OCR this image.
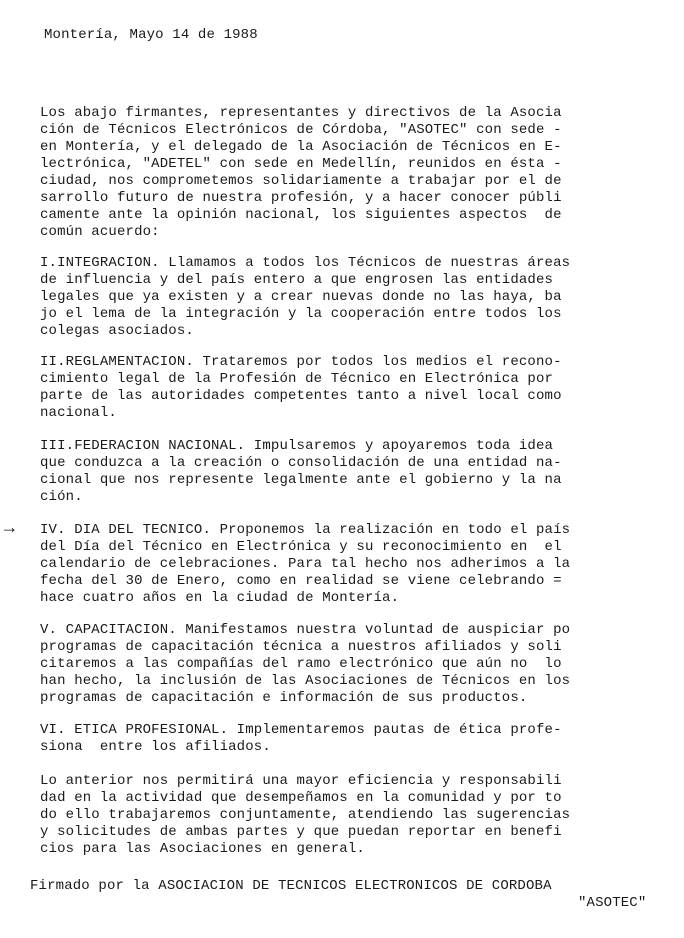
Montería, Mayo 14 de 1988

Los abajo firmantes, representantes y directivos de la Asocia

ción de Técnicos Electrónicos de Córdoba, "ASOTEC" con sede -

en Montería, y el delegado de la Asociación de Técnicos en E-

lectrónica, "ADETEL" con sede en Medellín, reunidos en ésta -

ciudad, nos comprometemos solidariamente a trabajar por el de

sarrollo futuro de nuestra profesión, y a hacer conocer públi

camente ante la opinión nacional, los siguientes aspectos  de

común acuerdo:

I.INTEGRACION. Llamamos a todos los Técnicos de nuestras áreas

de influencia y del país entero a que engrosen las entidades

legales que ya existen y a crear nuevas donde no las haya, ba

jo el lema de la integración y la cooperación entre todos los

colegas asociados.

II.REGLAMENTACION. Trataremos por todos los medios el recono-

cimiento legal de la Profesión de Técnico en Electrónica por

parte de las autoridades competentes tanto a nivel local como

nacional.

III.FEDERACION NACIONAL. Impulsaremos y apoyaremos toda idea

que conduzca a la creación o consolidación de una entidad na-

cional que nos represente legalmente ante el gobierno y la na

ción.

→ IV. DIA DEL TECNICO. Proponemos la realización en todo el país

del Día del Técnico en Electrónica y su reconocimiento en  el

calendario de celebraciones. Para tal hecho nos adherimos a la

fecha del 30 de Enero, como en realidad se viene celebrando =

hace cuatro años en la ciudad de Montería.

V. CAPACITACION. Manifestamos nuestra voluntad de auspiciar po

programas de capacitación técnica a nuestros afiliados y soli

citaremos a las compañías del ramo electrónico que aún no  lo

han hecho, la inclusión de las Asociaciones de Técnicos en los

programas de capacitación e información de sus productos.

VI. ETICA PROFESIONAL. Implementaremos pautas de ética profe-

siona  entre los afiliados.

Lo anterior nos permitirá una mayor eficiencia y responsabili

dad en la actividad que desempeñamos en la comunidad y por to

do ello trabajaremos conjuntamente, atendiendo las sugerencias

y solicitudes de ambas partes y que puedan reportar en benefi

cios para las Asociaciones en general.

Firmado por la ASOCIACION DE TECNICOS ELECTRONICOS DE CORDOBA

"ASOTEC"
